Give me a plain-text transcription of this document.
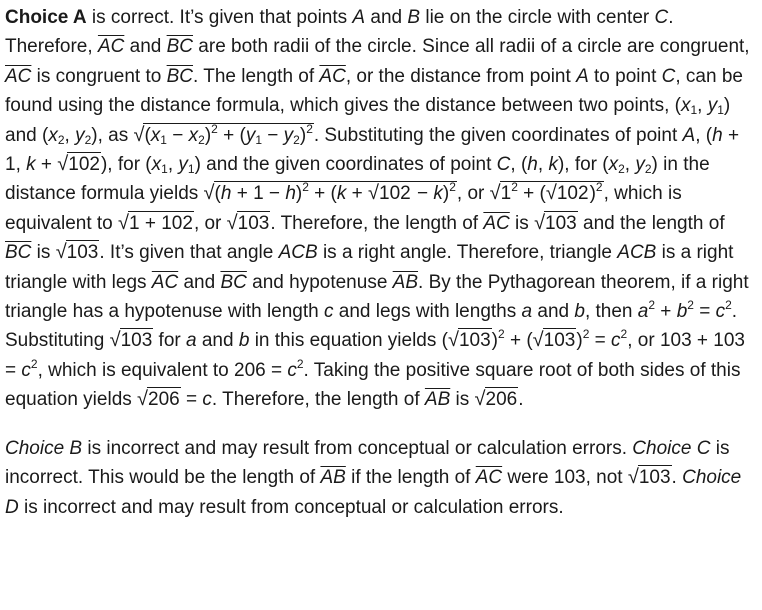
Choice A is correct. It’s given that points A and B lie on the circle with center C. Therefore, $\overline{AC}$ and $\overline{BC}$ are both radii of the circle. Since all radii of a circle are congruent, $\overline{AC}$ is congruent to $\overline{BC}$. The length of $\overline{AC}$, or the distance from point A to point C, can be found using the distance formula, which gives the distance between two points, ($x_1$, $y_1$) and ($x_2$, $y_2$), as $√(x_1 - x_2)^2 + (y_1 - y_2)^2$. Substituting the given coordinates of point A, (h + 1, k + √102), for ($x_1$, $y_1$) and the given coordinates of point C, (h, k), for ($x_2$, $y_2$) in the distance formula yields $√(h + 1 - h)^2 + (k + √102 - k)^2$, or $√1^2 + (√102)^2$, which is equivalent to √1 + 102, or √103. Therefore, the length of $\overline{AC}$ is √103 and the length of $\overline{BC}$ is √103. It’s given that angle ACB is a right angle. Therefore, triangle ACB is a right triangle with legs $\overline{AC}$ and $\overline{BC}$ and hypotenuse $\overline{AB}$. By the Pythagorean theorem, if a right triangle has a hypotenuse with length c and legs with lengths a and b, then $a^2 + b^2 = c^2$. Substituting √103 for a and b in this equation yields $(√103)^2 + (√103)^2 = c^2$, or $103 + 103 = c^2$, which is equivalent to $206 = c^2$. Taking the positive square root of both sides of this equation yields √206 = c. Therefore, the length of $\overline{AB}$ is √206.

Choice B is incorrect and may result from conceptual or calculation errors. Choice C is incorrect. This would be the length of $\overline{AB}$ if the length of $\overline{AC}$ were 103, not √103. Choice D is incorrect and may result from conceptual or calculation errors.
